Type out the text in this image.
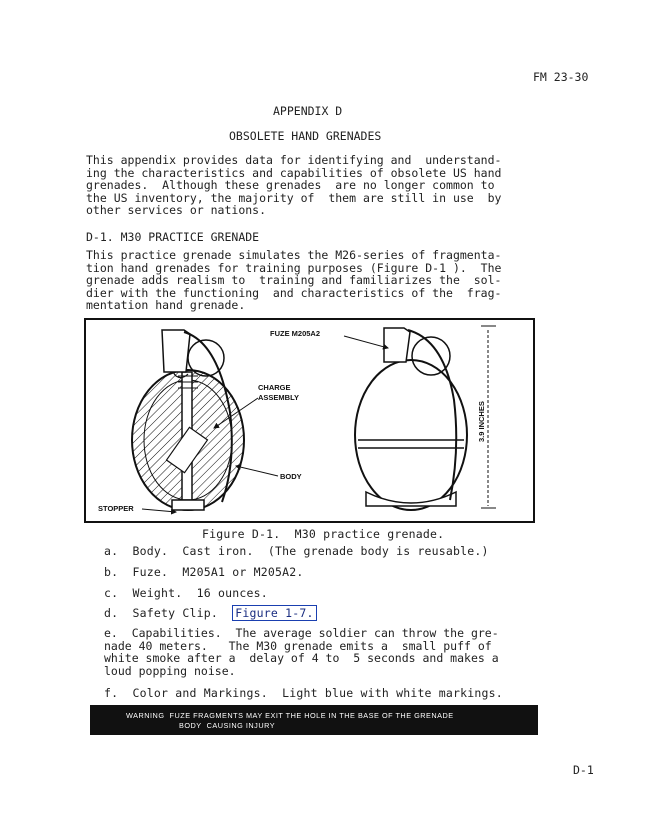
FM 23-30
APPENDIX D
OBSOLETE HAND GRENADES
This appendix provides data for identifying and  understand-
ing the characteristics and capabilities of obsolete US hand
grenades.  Although these grenades  are no longer common to
the US inventory, the majority of  them are still in use  by
other services or nations.
D-1. M30 PRACTICE GRENADE
This practice grenade simulates the M26-series of fragmenta-
tion hand grenades for training purposes (Figure D-1 ).  The
grenade adds realism to  training and familiarizes the  sol-
dier with the functioning  and characteristics of the  frag-
mentation hand grenade.
FUZE M205A2
CHARGE
ASSEMBLY
BODY
STOPPER
3.9 INCHES
Figure D-1.  M30 practice grenade.
a.  Body.  Cast iron.  (The grenade body is reusable.)
b.  Fuze.  M205A1 or M205A2.
c.  Weight.  16 ounces.
d.  Safety Clip.  Figure 1-7.
e.  Capabilities.  The average soldier can throw the gre-
nade 40 meters.   The M30 grenade emits a  small puff of
white smoke after a  delay of 4 to  5 seconds and makes a
loud popping noise.
f.  Color and Markings.  Light blue with white markings.
WARNING  FUZE FRAGMENTS MAY EXIT THE HOLE IN THE BASE OF THE GRENADE
BODY  CAUSING INJURY
D-1
